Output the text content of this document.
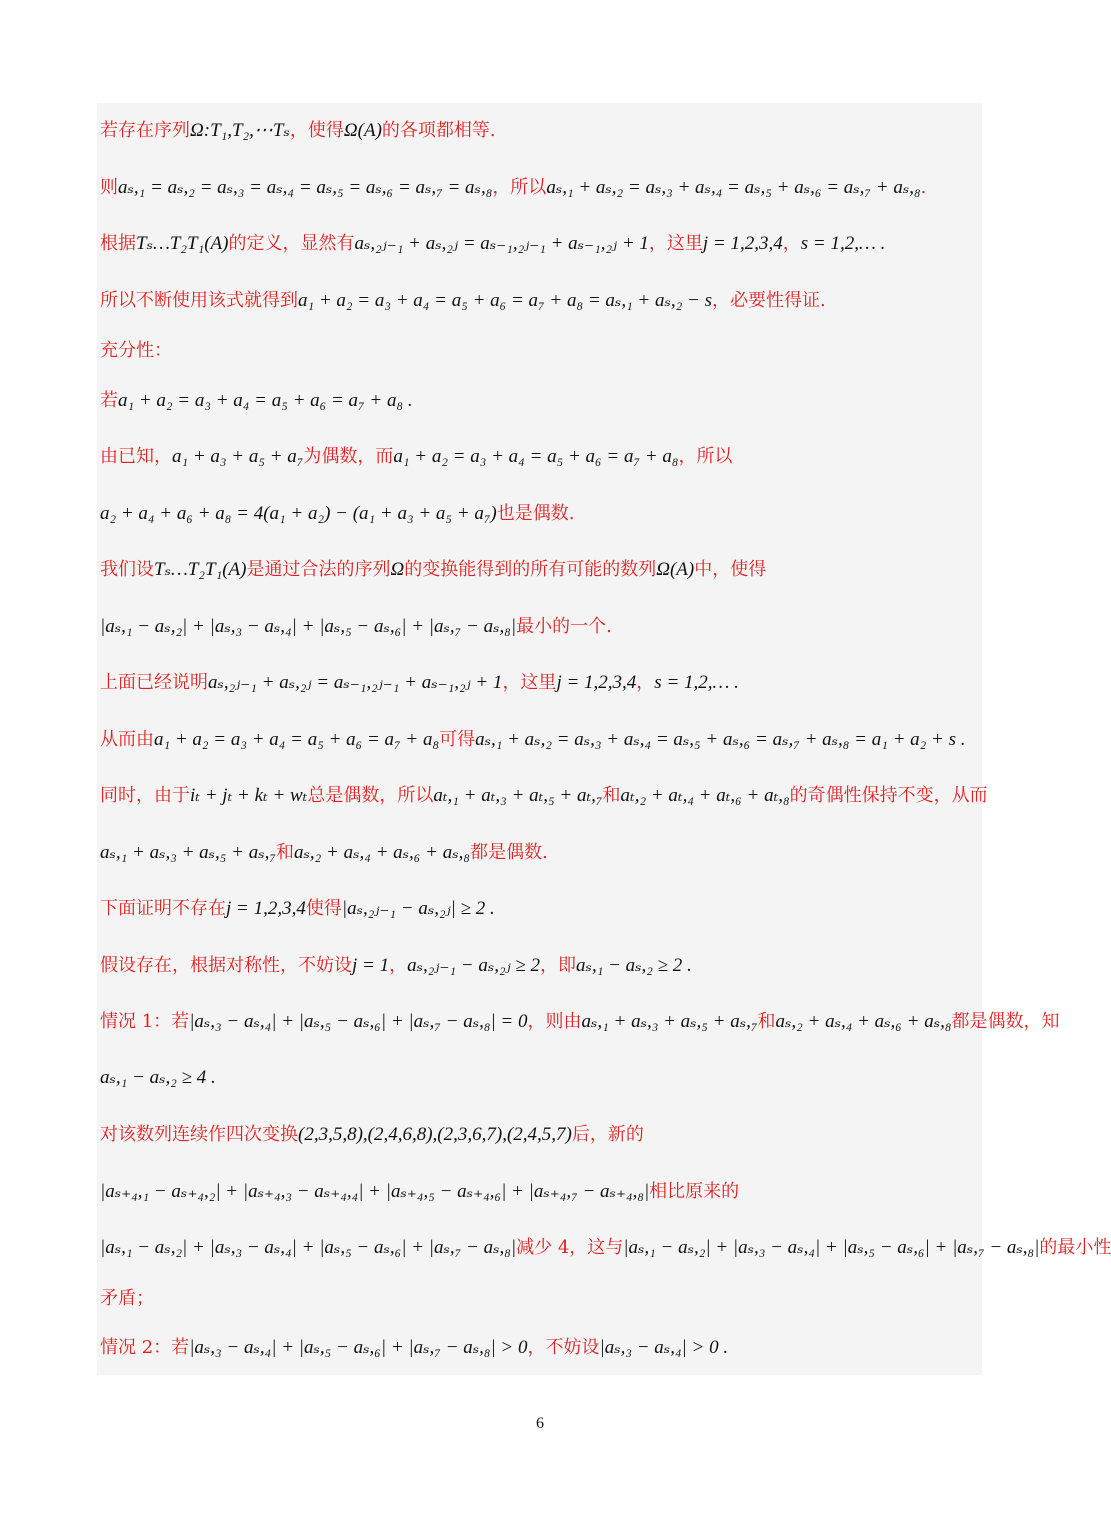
若存在序列Ω:T₁,T₂,⋯Tₛ，使得Ω(A)的各项都相等.
则aₛ,₁ = aₛ,₂ = aₛ,₃ = aₛ,₄ = aₛ,₅ = aₛ,₆ = aₛ,₇ = aₛ,₈，所以aₛ,₁ + aₛ,₂ = aₛ,₃ + aₛ,₄ = aₛ,₅ + aₛ,₆ = aₛ,₇ + aₛ,₈.
根据Tₛ…T₂T₁(A)的定义，显然有aₛ,₂ⱼ₋₁ + aₛ,₂ⱼ = aₛ₋₁,₂ⱼ₋₁ + aₛ₋₁,₂ⱼ + 1，这里j = 1,2,3,4，s = 1,2,… .
所以不断使用该式就得到a₁ + a₂ = a₃ + a₄ = a₅ + a₆ = a₇ + a₈ = aₛ,₁ + aₛ,₂ − s，必要性得证.
充分性：
若a₁ + a₂ = a₃ + a₄ = a₅ + a₆ = a₇ + a₈ .
由已知，a₁ + a₃ + a₅ + a₇为偶数，而a₁ + a₂ = a₃ + a₄ = a₅ + a₆ = a₇ + a₈，所以
a₂ + a₄ + a₆ + a₈ = 4(a₁ + a₂) − (a₁ + a₃ + a₅ + a₇)也是偶数.
我们设Tₛ…T₂T₁(A)是通过合法的序列Ω的变换能得到的所有可能的数列Ω(A)中，使得
|aₛ,₁ − aₛ,₂| + |aₛ,₃ − aₛ,₄| + |aₛ,₅ − aₛ,₆| + |aₛ,₇ − aₛ,₈|最小的一个.
上面已经说明aₛ,₂ⱼ₋₁ + aₛ,₂ⱼ = aₛ₋₁,₂ⱼ₋₁ + aₛ₋₁,₂ⱼ + 1，这里j = 1,2,3,4，s = 1,2,… .
从而由a₁ + a₂ = a₃ + a₄ = a₅ + a₆ = a₇ + a₈可得aₛ,₁ + aₛ,₂ = aₛ,₃ + aₛ,₄ = aₛ,₅ + aₛ,₆ = aₛ,₇ + aₛ,₈ = a₁ + a₂ + s .
同时，由于iₜ + jₜ + kₜ + wₜ总是偶数，所以aₜ,₁ + aₜ,₃ + aₜ,₅ + aₜ,₇和aₜ,₂ + aₜ,₄ + aₜ,₆ + aₜ,₈的奇偶性保持不变，从而
aₛ,₁ + aₛ,₃ + aₛ,₅ + aₛ,₇和aₛ,₂ + aₛ,₄ + aₛ,₆ + aₛ,₈都是偶数.
下面证明不存在j = 1,2,3,4使得|aₛ,₂ⱼ₋₁ − aₛ,₂ⱼ| ≥ 2 .
假设存在，根据对称性，不妨设j = 1，aₛ,₂ⱼ₋₁ − aₛ,₂ⱼ ≥ 2，即aₛ,₁ − aₛ,₂ ≥ 2 .
情况 1：若|aₛ,₃ − aₛ,₄| + |aₛ,₅ − aₛ,₆| + |aₛ,₇ − aₛ,₈| = 0，则由aₛ,₁ + aₛ,₃ + aₛ,₅ + aₛ,₇和aₛ,₂ + aₛ,₄ + aₛ,₆ + aₛ,₈都是偶数，知
aₛ,₁ − aₛ,₂ ≥ 4 .
对该数列连续作四次变换(2,3,5,8),(2,4,6,8),(2,3,6,7),(2,4,5,7)后，新的
|aₛ₊₄,₁ − aₛ₊₄,₂| + |aₛ₊₄,₃ − aₛ₊₄,₄| + |aₛ₊₄,₅ − aₛ₊₄,₆| + |aₛ₊₄,₇ − aₛ₊₄,₈|相比原来的
|aₛ,₁ − aₛ,₂| + |aₛ,₃ − aₛ,₄| + |aₛ,₅ − aₛ,₆| + |aₛ,₇ − aₛ,₈|减少 4，这与|aₛ,₁ − aₛ,₂| + |aₛ,₃ − aₛ,₄| + |aₛ,₅ − aₛ,₆| + |aₛ,₇ − aₛ,₈|的最小性
矛盾；
情况 2：若|aₛ,₃ − aₛ,₄| + |aₛ,₅ − aₛ,₆| + |aₛ,₇ − aₛ,₈| > 0，不妨设|aₛ,₃ − aₛ,₄| > 0 .
6
